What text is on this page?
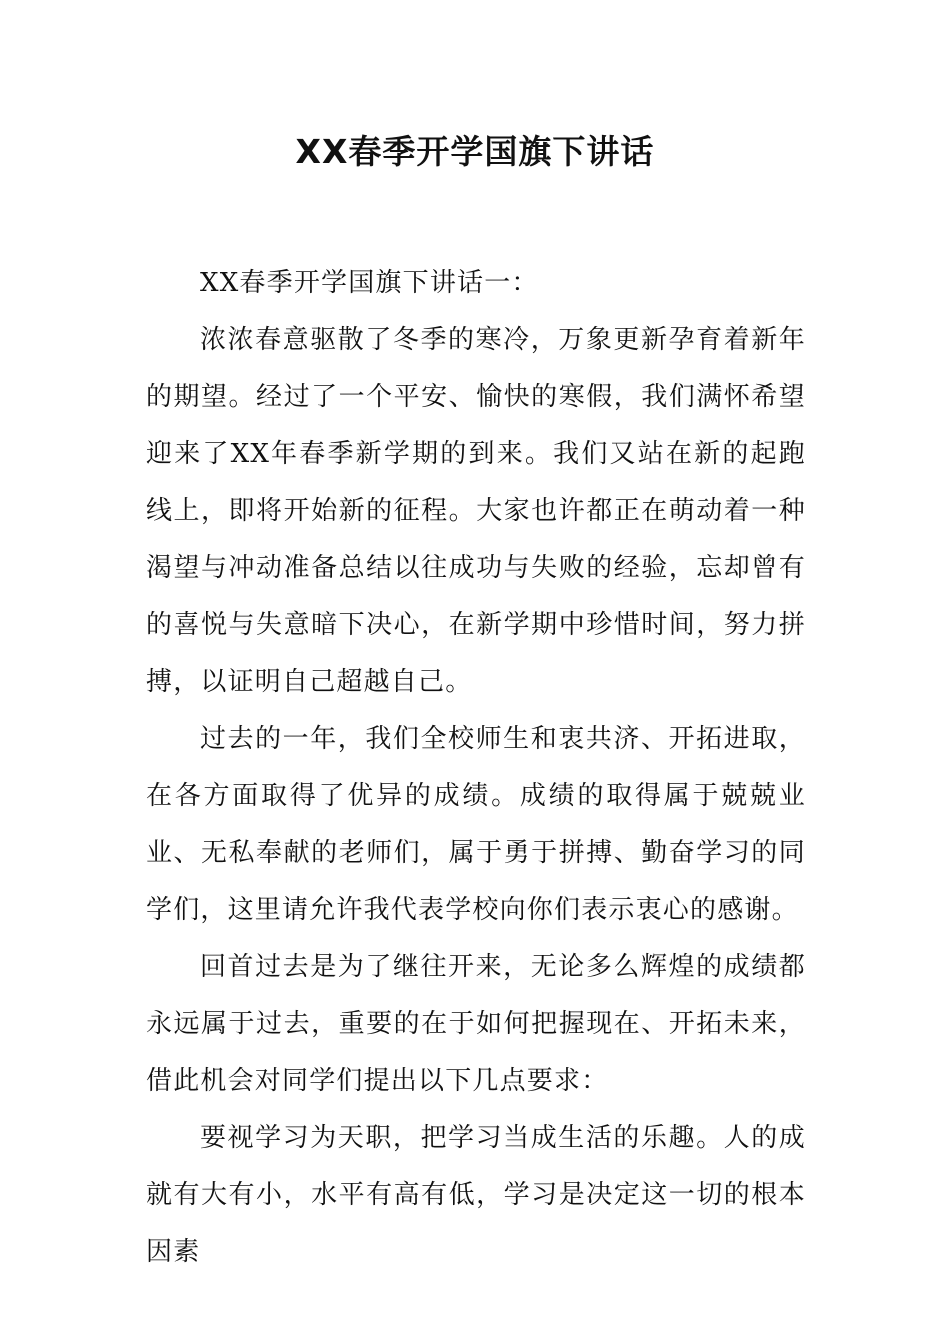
XX春季开学国旗下讲话

XX春季开学国旗下讲话一：

浓浓春意驱散了冬季的寒冷，万象更新孕育着新年的期望。经过了一个平安、愉快的寒假，我们满怀希望迎来了XX年春季新学期的到来。我们又站在新的起跑线上，即将开始新的征程。大家也许都正在萌动着一种渴望与冲动准备总结以往成功与失败的经验，忘却曾有的喜悦与失意暗下决心，在新学期中珍惜时间，努力拼搏，以证明自己超越自己。

过去的一年，我们全校师生和衷共济、开拓进取，在各方面取得了优异的成绩。成绩的取得属于兢兢业业、无私奉献的老师们，属于勇于拼搏、勤奋学习的同学们，这里请允许我代表学校向你们表示衷心的感谢。

回首过去是为了继往开来，无论多么辉煌的成绩都永远属于过去，重要的在于如何把握现在、开拓未来，借此机会对同学们提出以下几点要求：

要视学习为天职，把学习当成生活的乐趣。人的成就有大有小，水平有高有低，学习是决定这一切的根本因素
